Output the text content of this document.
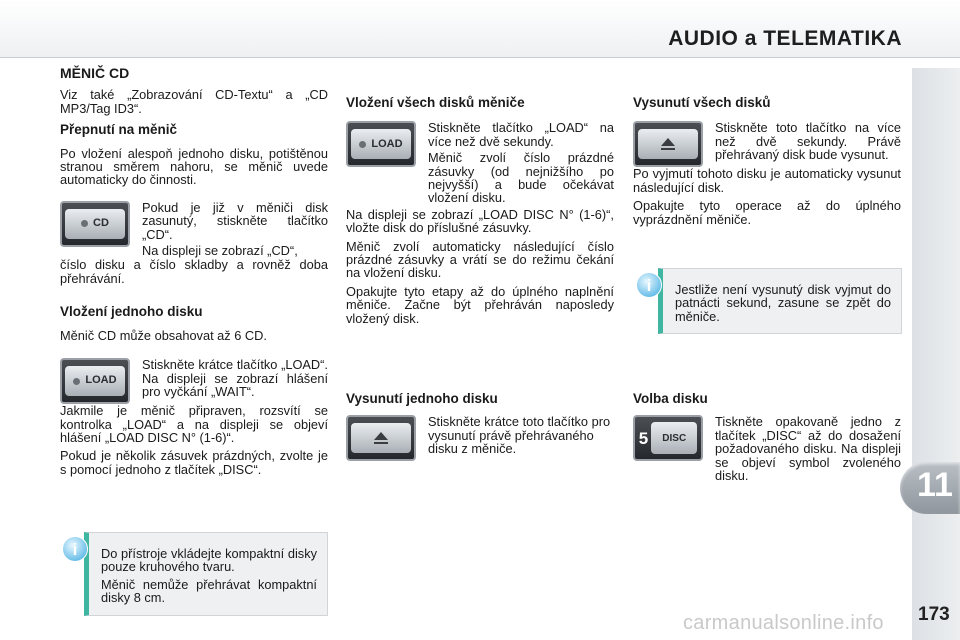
AUDIO a TELEMATIKA
11
carmanualsonline.info 173
MĚNIČ CD

Viz také „Zobrazování CD-Textu“ a „CD MP3/Tag ID3“.

Přepnutí na měnič

Po vložení alespoň jednoho disku, potištěnou stranou směrem nahoru, se měnič uvede automaticky do činnosti.

CD

Pokud je již v měniči disk zasunutý, stiskněte tlačítko „CD“.

Na displeji se zobrazí „CD“,

číslo disku a číslo skladby a rovněž doba přehrávání.

Vložení jednoho disku

Měnič CD může obsahovat až 6 CD.

LOAD

Stiskněte krátce tlačítko „LOAD“. Na displeji se zobrazí hlášení pro vyčkání „WAIT“.

Jakmile je měnič připraven, rozsvítí se kontrolka „LOAD“ a na displeji se objeví hlášení „LOAD DISC N° (1-6)“.

Pokud je několik zásuvek prázdných, zvolte je s pomocí jednoho z tlačítek „DISC“.

Do přístroje vkládejte kompaktní disky pouze kruhového tvaru.

Měnič nemůže přehrávat kompaktní disky 8 cm.

i
Vložení všech disků měniče
LOAD

Stiskněte tlačítko „LOAD“ na více než dvě sekundy.

Měnič zvolí číslo prázdné zásuvky (od nejnižšího po nejvyšší) a bude očekávat vložení disku.

Na displeji se zobrazí „LOAD DISC N° (1-6)“, vložte disk do příslušné zásuvky.

Měnič zvolí automaticky následující číslo prázdné zásuvky a vrátí se do režimu čekání na vložení disku.

Opakujte tyto etapy až do úplného naplnění měniče. Začne být přehráván naposledy vložený disk.

Vysunutí jednoho disku

Stiskněte krátce toto tlačítko pro vysunutí právě přehrávaného disku z měniče.

Vysunutí všech disků

Stiskněte toto tlačítko na více než dvě sekundy. Právě přehrávaný disk bude vysunut.

Po vyjmutí tohoto disku je automaticky vysunut následující disk.

Opakujte tyto operace až do úplného vyprázdnění měniče.

Jestliže není vysunutý disk vyjmut do patnácti sekund, zasune se zpět do měniče.

i
Volba disku
5 DISC

Tiskněte opakovaně jedno z tlačítek „DISC“ až do dosažení požadovaného disku. Na displeji se objeví symbol zvoleného disku.
